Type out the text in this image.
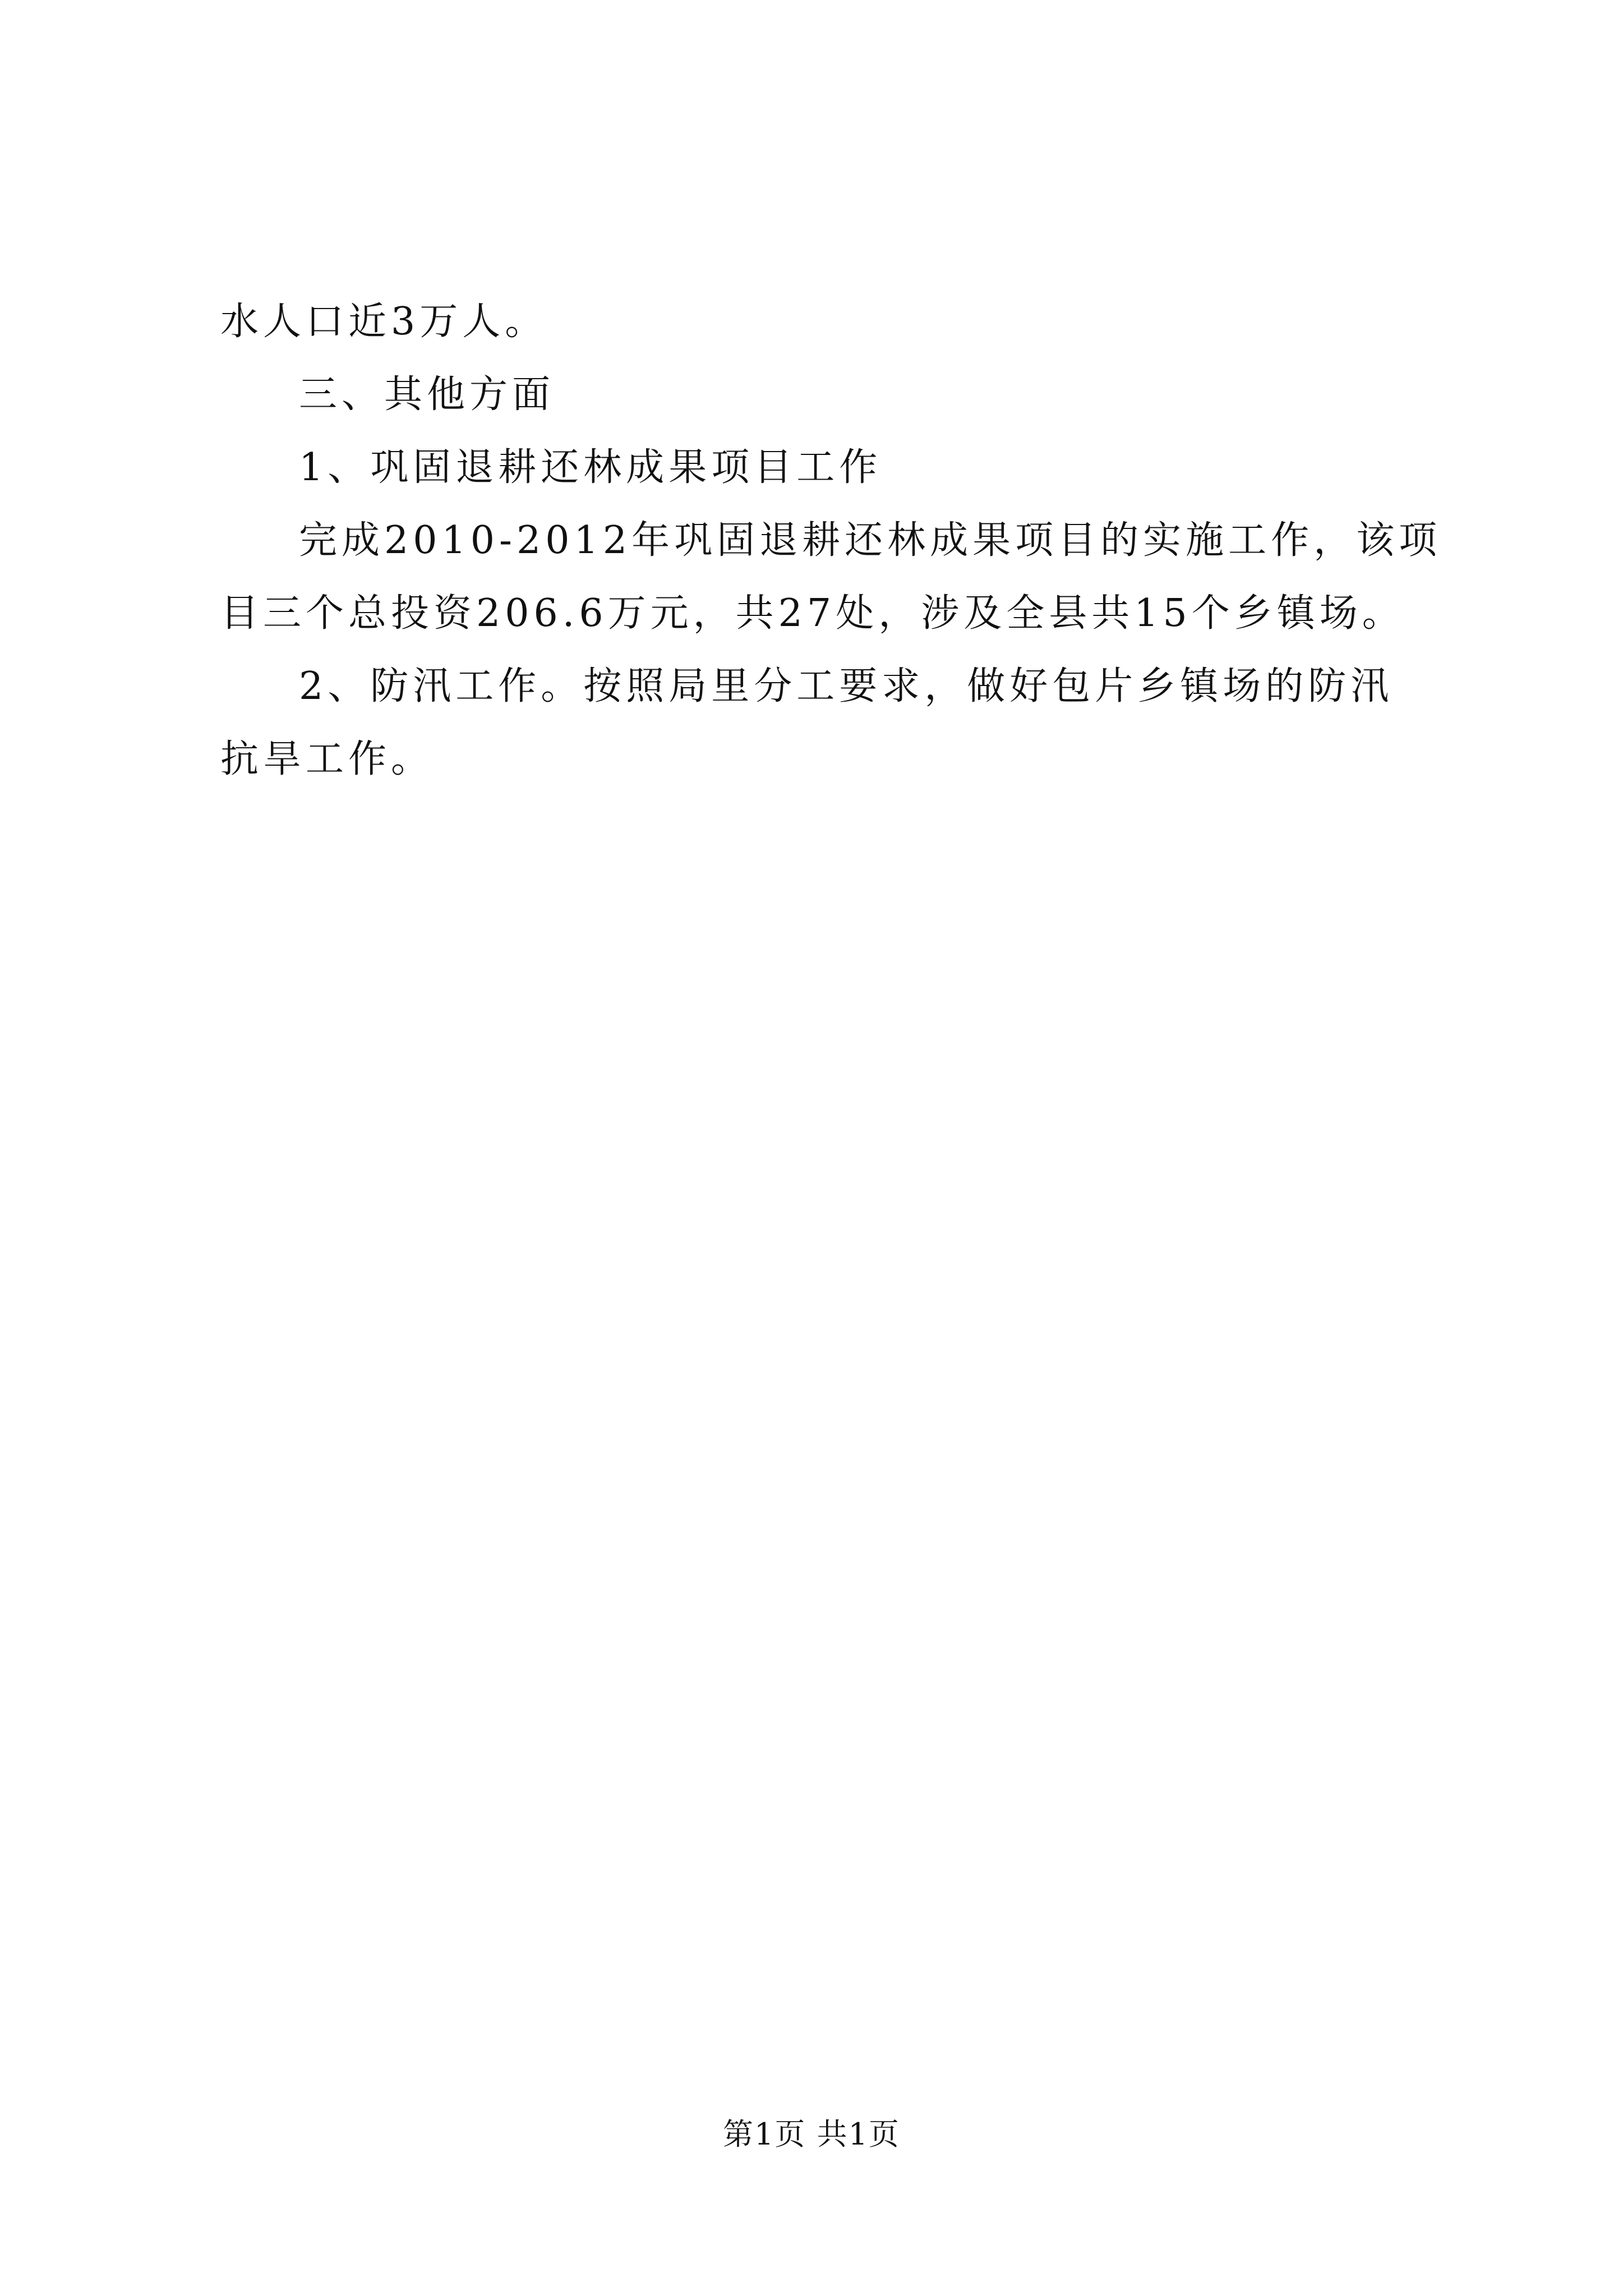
水人口近3万人。
三、其他方面
1、巩固退耕还林成果项目工作
完成2010-2012年巩固退耕还林成果项目的实施工作，该项
目三个总投资206.6万元，共27处，涉及全县共15个乡镇场。
2、防汛工作。按照局里分工要求，做好包片乡镇场的防汛
抗旱工作。
第1页 共1页
